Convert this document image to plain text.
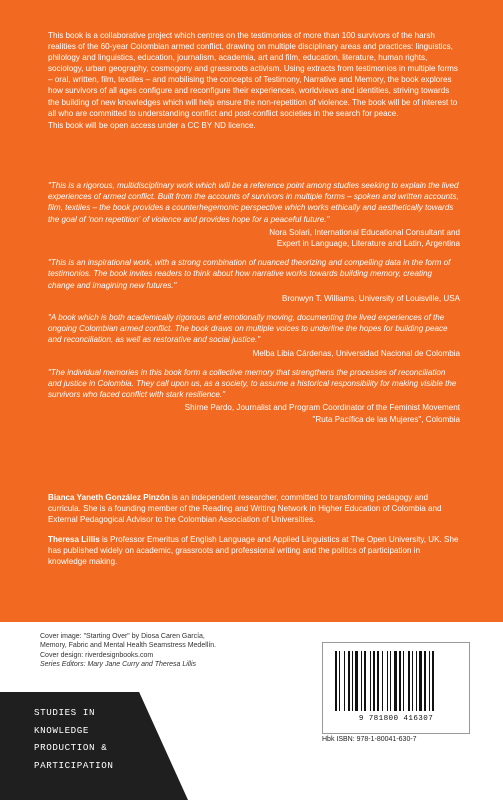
This book is a collaborative project which centres on the testimonios of more than 100 survivors of the harsh realities of the 60-year Colombian armed conflict, drawing on multiple disciplinary areas and practices: linguistics, philology and linguistics, education, journalism, academia, art and film, education, literature, human rights, sociology, urban geography, cosmogony and grassroots activism. Using extracts from testimonios in multiple forms – oral, written, film, textiles – and mobilising the concepts of Testimony, Narrative and Memory, the book explores how survivors of all ages configure and reconfigure their experiences, worldviews and identities, striving towards the building of new knowledges which will help ensure the non-repetition of violence. The book will be of interest to all who are committed to understanding conflict and post-conflict societies in the search for peace.

This book will be open access under a CC BY ND licence.

"This is a rigorous, multidisciplinary work which will be a reference point among studies seeking to explain the lived experiences of armed conflict. Built from the accounts of survivors in multiple forms – spoken and written accounts, film, textiles – the book provides a counterhegemonic perspective which works ethically and aesthetically towards the goal of 'non repetition' of violence and provides hope for a peaceful future."

Nora Solari, International Educational Consultant and
Expert in Language, Literature and Latin, Argentina

"This is an inspirational work, with a strong combination of nuanced theorizing and compelling data in the form of testimonios. The book invites readers to think about how narrative works towards building memory, creating change and imagining new futures."

Bronwyn T. Williams, University of Louisville, USA

"A book which is both academically rigorous and emotionally moving, documenting the lived experiences of the ongoing Colombian armed conflict. The book draws on multiple voices to underline the hopes for building peace and reconciliation, as well as restorative and social justice."

Melba Libia Cárdenas, Universidad Nacional de Colombia

"The individual memories in this book form a collective memory that strengthens the processes of reconciliation and justice in Colombia. They call upon us, as a society, to assume a historical responsibility for making visible the survivors who faced conflict with stark resilience."

Shirne Pardo, Journalist and Program Coordinator of the Feminist Movement
"Ruta Pacífica de las Mujeres", Colombia

Bianca Yaneth González Pinzón is an independent researcher, committed to transforming pedagogy and curricula. She is a founding member of the Reading and Writing Network in Higher Education of Colombia and External Pedagogical Advisor to the Colombian Association of Universities.

Theresa Lillis is Professor Emeritus of English Language and Applied Linguistics at The Open University, UK. She has published widely on academic, grassroots and professional writing and the politics of participation in knowledge making.

Cover image: "Starting Over" by Diosa Caren García,
Memory, Fabric and Mental Health Seamstress Medellín.
Cover design: riverdesignbooks.com
Series Editors: Mary Jane Curry and Theresa Lillis
STUDIES IN
KNOWLEDGE
PRODUCTION &
PARTICIPATION
9 781800 416307
Hbk ISBN: 978-1-80041-630-7
